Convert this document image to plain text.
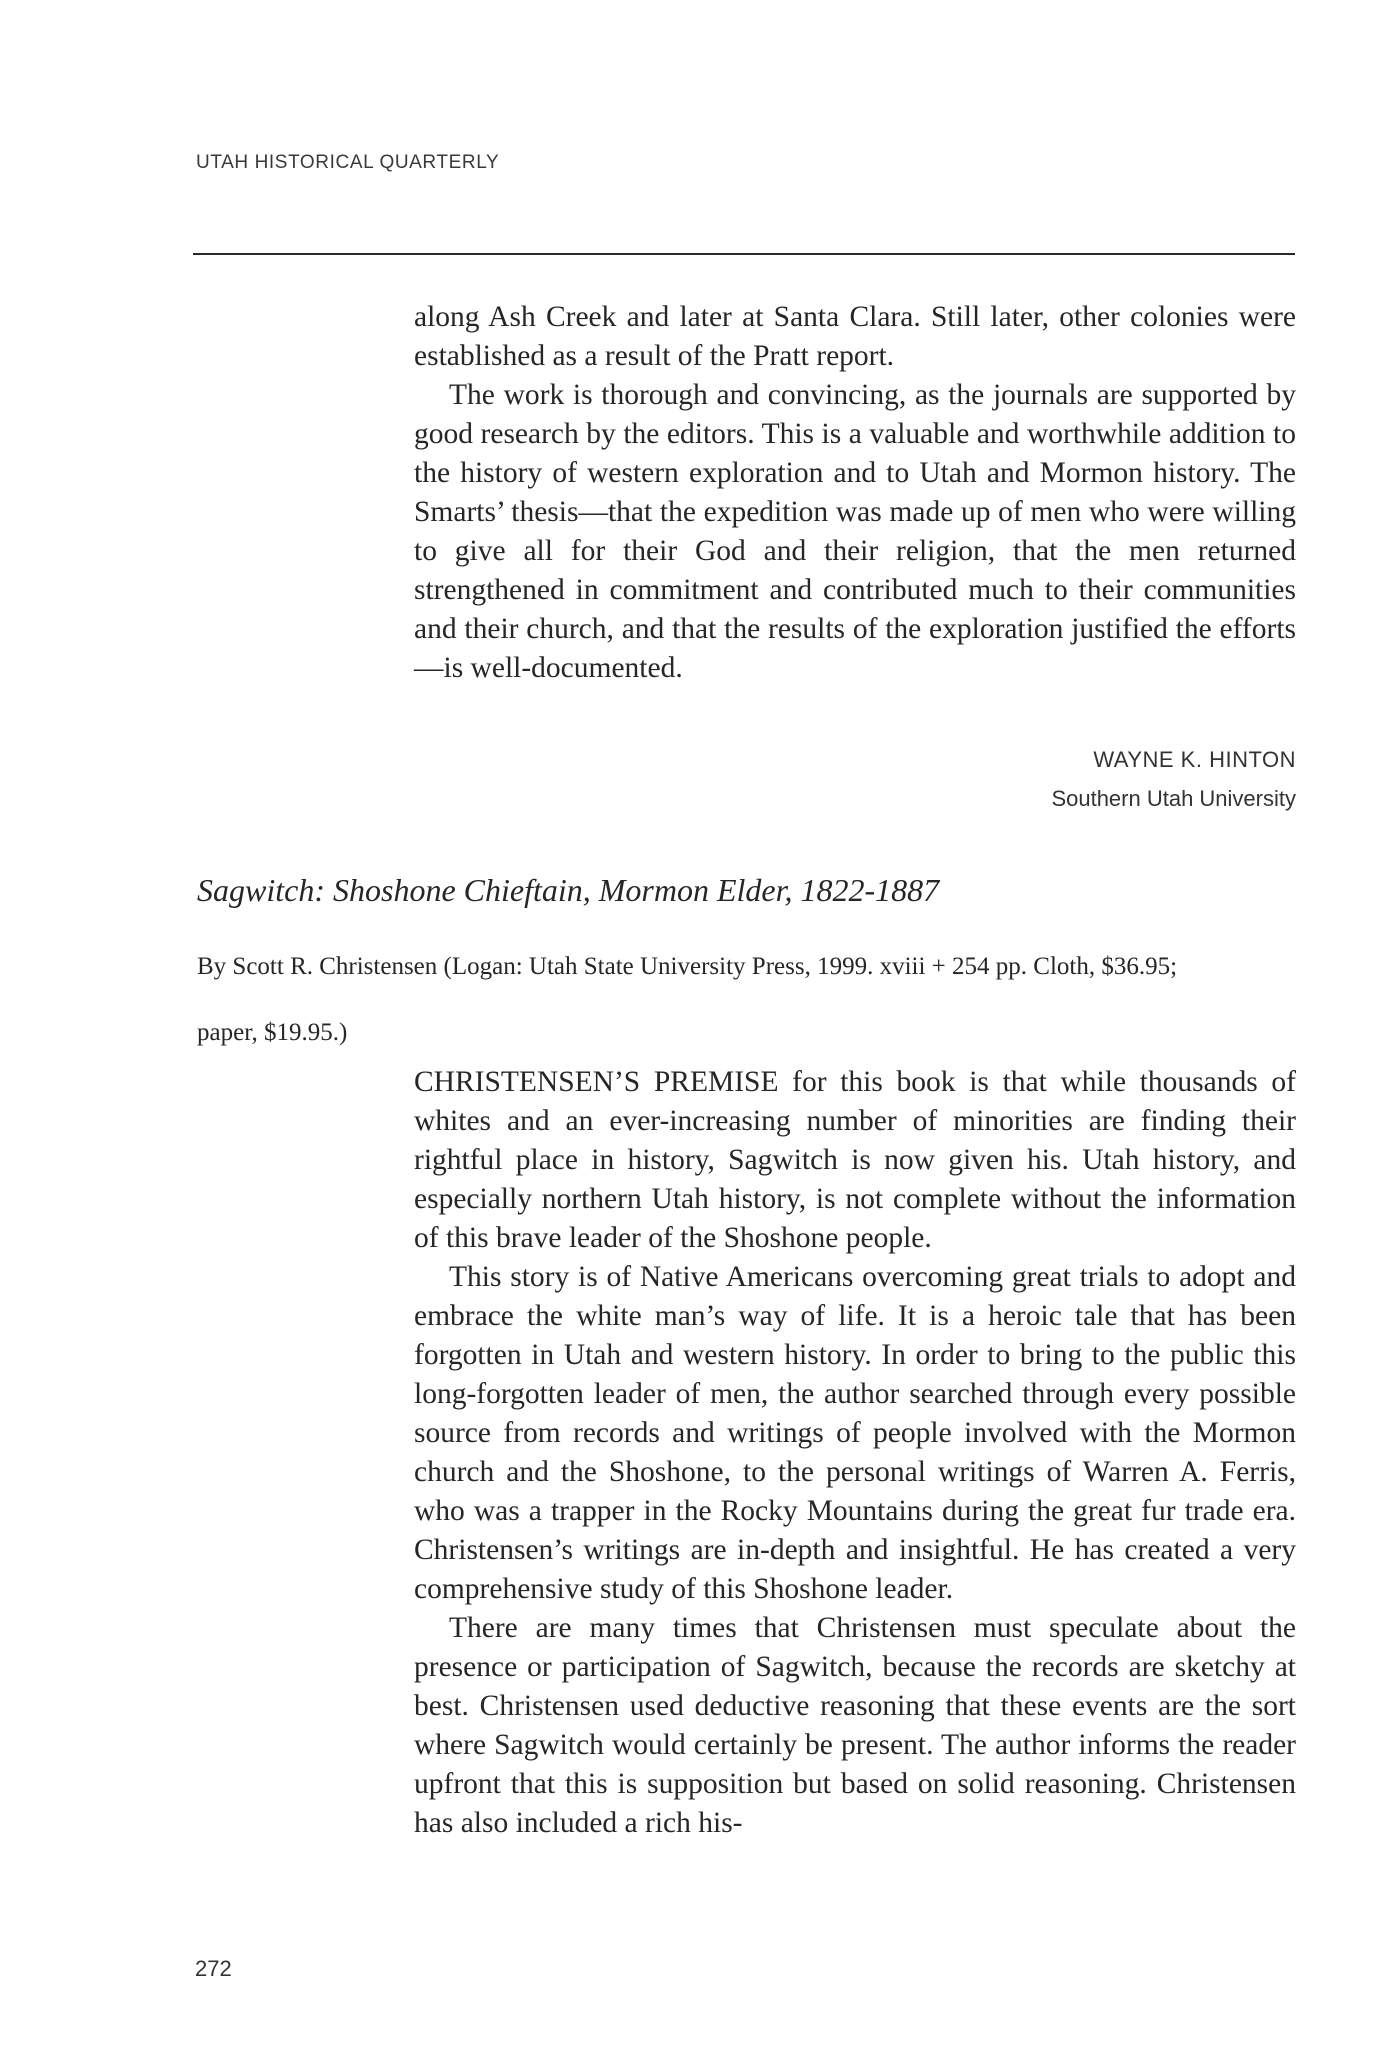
UTAH HISTORICAL QUARTERLY

along Ash Creek and later at Santa Clara. Still later, other colonies were established as a result of the Pratt report.

The work is thorough and convincing, as the journals are supported by good research by the editors. This is a valuable and worthwhile addition to the history of western exploration and to Utah and Mormon history. The Smarts’ thesis—that the expedition was made up of men who were willing to give all for their God and their religion, that the men returned strengthened in commitment and contributed much to their communities and their church, and that the results of the exploration justified the efforts—is well-documented.

WAYNE K. HINTON
Southern Utah University
Sagwitch: Shoshone Chieftain, Mormon Elder, 1822-1887
By Scott R. Christensen (Logan: Utah State University Press, 1999. xviii + 254 pp. Cloth, $36.95; paper, $19.95.)

CHRISTENSEN’S PREMISE for this book is that while thousands of whites and an ever-increasing number of minorities are finding their rightful place in history, Sagwitch is now given his. Utah history, and especially northern Utah history, is not complete without the information of this brave leader of the Shoshone people.

This story is of Native Americans overcoming great trials to adopt and embrace the white man’s way of life. It is a heroic tale that has been forgotten in Utah and western history. In order to bring to the public this long-forgotten leader of men, the author searched through every possible source from records and writings of people involved with the Mormon church and the Shoshone, to the personal writings of Warren A. Ferris, who was a trapper in the Rocky Mountains during the great fur trade era. Christensen’s writings are in-depth and insightful. He has created a very comprehensive study of this Shoshone leader.

There are many times that Christensen must speculate about the presence or participation of Sagwitch, because the records are sketchy at best. Christensen used deductive reasoning that these events are the sort where Sagwitch would certainly be present. The author informs the reader upfront that this is supposition but based on solid reasoning. Christensen has also included a rich his-

272
